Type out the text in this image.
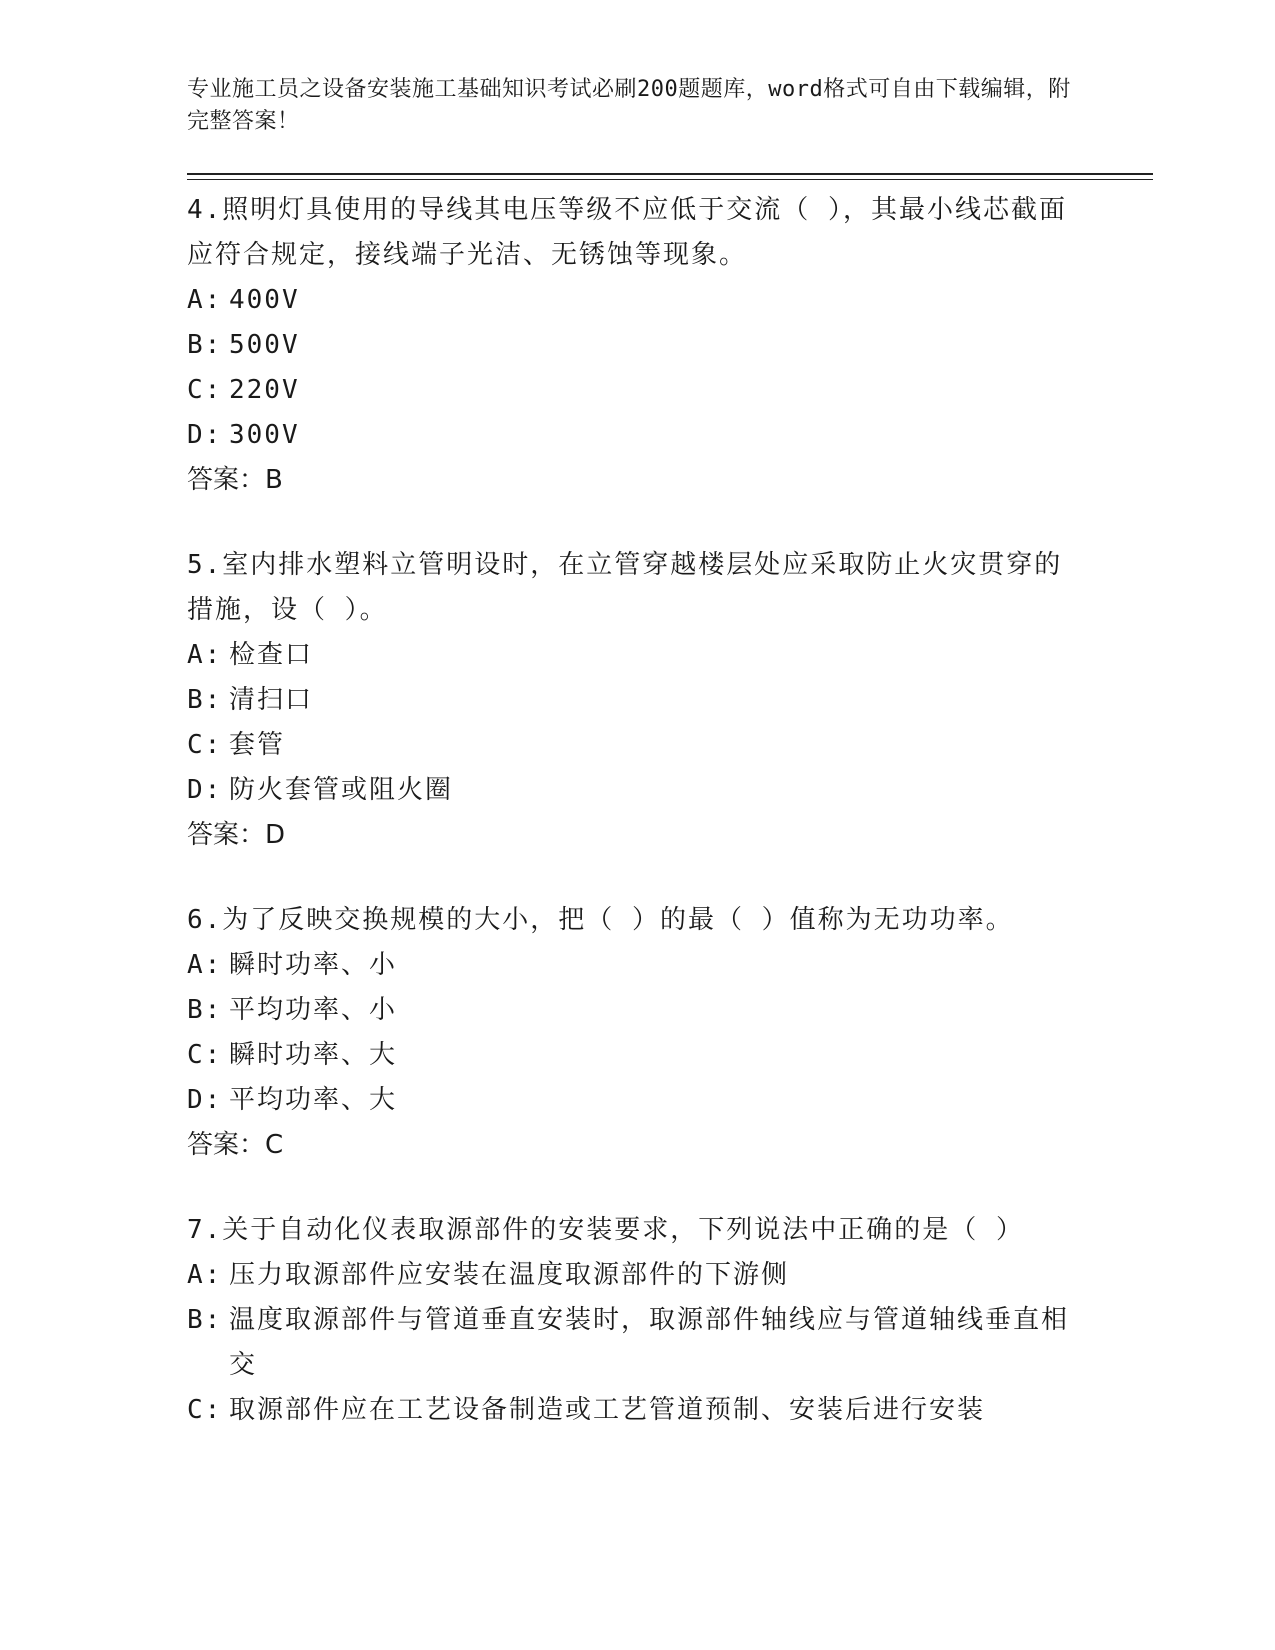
专业施工员之设备安装施工基础知识考试必刷200题题库，word格式可自由下载编辑，附完整答案！

4.照明灯具使用的导线其电压等级不应低于交流（ ），其最小线芯截面应符合规定，接线端子光洁、无锈蚀等现象。

A: 400V

B: 500V

C: 220V

D: 300V

答案：B

5.室内排水塑料立管明设时，在立管穿越楼层处应采取防止火灾贯穿的措施，设（ ）。

A: 检查口

B: 清扫口

C: 套管

D: 防火套管或阻火圈

答案：D

6.为了反映交换规模的大小，把（ ）的最（ ）值称为无功功率。

A: 瞬时功率、小

B: 平均功率、小

C: 瞬时功率、大

D: 平均功率、大

答案：C

7.关于自动化仪表取源部件的安装要求，下列说法中正确的是（ ）

A: 压力取源部件应安装在温度取源部件的下游侧

B: 温度取源部件与管道垂直安装时，取源部件轴线应与管道轴线垂直相交

C: 取源部件应在工艺设备制造或工艺管道预制、安装后进行安装
